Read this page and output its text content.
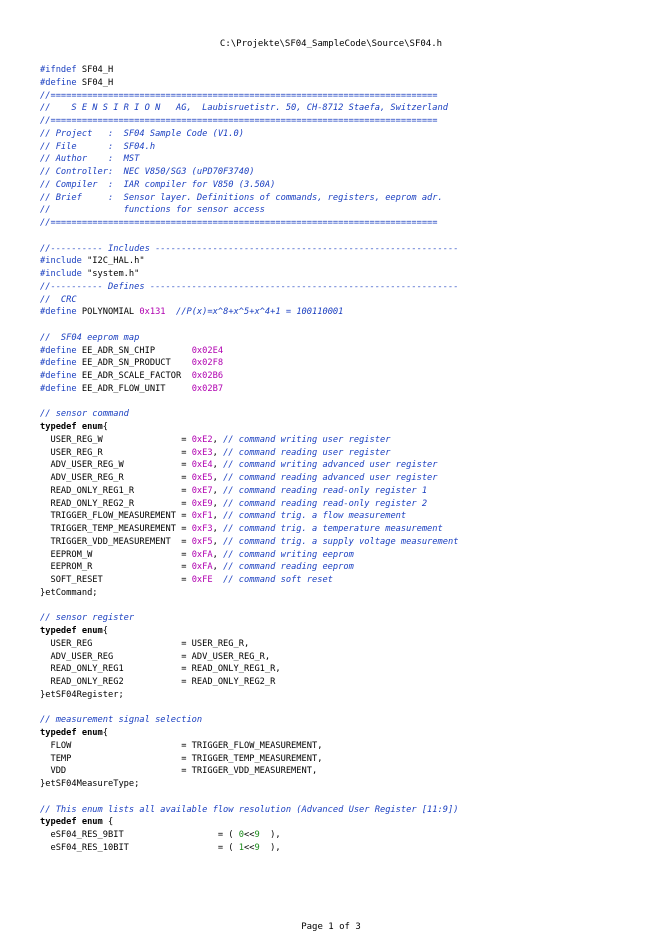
C:\Projekte\SF04_SampleCode\Source\SF04.h
#ifndef SF04_H
#define SF04_H
//==========================================================================
//    S E N S I R I O N   AG,  Laubisruetistr. 50, CH-8712 Staefa, Switzerland
//==========================================================================
// Project   :  SF04 Sample Code (V1.0)
// File      :  SF04.h
// Author    :  MST
// Controller:  NEC V850/SG3 (uPD70F3740)
// Compiler  :  IAR compiler for V850 (3.50A)
// Brief     :  Sensor layer. Definitions of commands, registers, eeprom adr.
//              functions for sensor access
//==========================================================================
//---------- Includes ----------------------------------------------------------
#include "I2C_HAL.h"
#include "system.h"
//---------- Defines -----------------------------------------------------------
//  CRC
#define POLYNOMIAL 0x131 //P(x)=x^8+x^5+x^4+1 = 100110001
//  SF04 eeprom map
#define EE_ADR_SN_CHIP       0x02E4
#define EE_ADR_SN_PRODUCT    0x02F8
#define EE_ADR_SCALE_FACTOR  0x02B6
#define EE_ADR_FLOW_UNIT     0x02B7
// sensor command
typedef enum{
USER_REG_W               = 0xE2, // command writing user register
USER_REG_R               = 0xE3, // command reading user register
ADV_USER_REG_W           = 0xE4, // command writing advanced user register
ADV_USER_REG_R           = 0xE5, // command reading advanced user register
READ_ONLY_REG1_R         = 0xE7, // command reading read-only register 1
READ_ONLY_REG2_R         = 0xE9, // command reading read-only register 2
TRIGGER_FLOW_MEASUREMENT = 0xF1, // command trig. a flow measurement
TRIGGER_TEMP_MEASUREMENT = 0xF3, // command trig. a temperature measurement
TRIGGER_VDD_MEASUREMENT  = 0xF5, // command trig. a supply voltage measurement
EEPROM_W                 = 0xFA, // command writing eeprom
EEPROM_R                 = 0xFA, // command reading eeprom
SOFT_RESET               = 0xFE // command soft reset
}etCommand;
// sensor register
typedef enum{
USER_REG                 = USER_REG_R,
ADV_USER_REG             = ADV_USER_REG_R,
READ_ONLY_REG1           = READ_ONLY_REG1_R,
READ_ONLY_REG2           = READ_ONLY_REG2_R
}etSF04Register;
// measurement signal selection
typedef enum{
FLOW                     = TRIGGER_FLOW_MEASUREMENT,
TEMP                     = TRIGGER_TEMP_MEASUREMENT,
VDD                      = TRIGGER_VDD_MEASUREMENT,
}etSF04MeasureType;
// This enum lists all available flow resolution (Advanced User Register [11:9])
typedef enum {
eSF04_RES_9BIT                  = ( 0<<9  ),
eSF04_RES_10BIT                 = ( 1<<9  ),
Page 1 of 3
